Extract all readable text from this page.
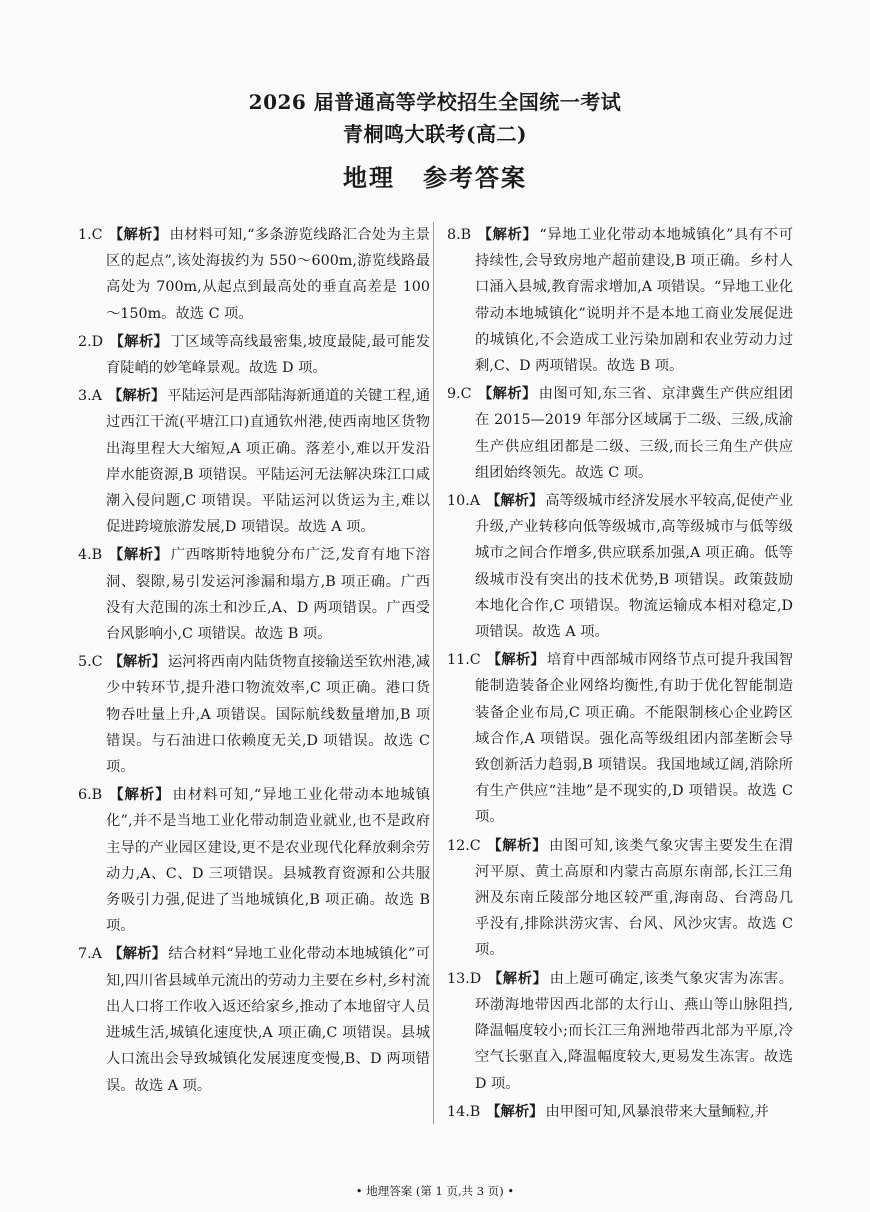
2026 届普通高等学校招生全国统一考试
青桐鸣大联考(高二)
地理 参考答案
1.C 【解析】 由材料可知,“多条游览线路汇合处为主景区的起点”,该处海拔约为 550～600m,游览线路最高处为 700m,从起点到最高处的垂直高差是 100～150m。故选 C 项。
2.D 【解析】 丁区域等高线最密集,坡度最陡,最可能发育陡峭的妙笔峰景观。故选 D 项。
3.A 【解析】 平陆运河是西部陆海新通道的关键工程,通过西江干流(平塘江口)直通钦州港,使西南地区货物出海里程大大缩短,A 项正确。落差小,难以开发沿岸水能资源,B 项错误。平陆运河无法解决珠江口咸潮入侵问题,C 项错误。平陆运河以货运为主,难以促进跨境旅游发展,D 项错误。故选 A 项。
4.B 【解析】 广西喀斯特地貌分布广泛,发育有地下溶洞、裂隙,易引发运河渗漏和塌方,B 项正确。广西没有大范围的冻土和沙丘,A、D 两项错误。广西受台风影响小,C 项错误。故选 B 项。
5.C 【解析】 运河将西南内陆货物直接输送至钦州港,减少中转环节,提升港口物流效率,C 项正确。港口货物吞吐量上升,A 项错误。国际航线数量增加,B 项错误。与石油进口依赖度无关,D 项错误。故选 C 项。
6.B 【解析】 由材料可知,“异地工业化带动本地城镇化”,并不是当地工业化带动制造业就业,也不是政府主导的产业园区建设,更不是农业现代化释放剩余劳动力,A、C、D 三项错误。县城教育资源和公共服务吸引力强,促进了当地城镇化,B 项正确。故选 B 项。
7.A 【解析】 结合材料“异地工业化带动本地城镇化”可知,四川省县域单元流出的劳动力主要在乡村,乡村流出人口将工作收入返还给家乡,推动了本地留守人员进城生活,城镇化速度快,A 项正确,C 项错误。县城人口流出会导致城镇化发展速度变慢,B、D 两项错误。故选 A 项。
8.B 【解析】 “异地工业化带动本地城镇化”具有不可持续性,会导致房地产超前建设,B 项正确。乡村人口涌入县城,教育需求增加,A 项错误。“异地工业化带动本地城镇化”说明并不是本地工商业发展促进的城镇化,不会造成工业污染加剧和农业劳动力过剩,C、D 两项错误。故选 B 项。
9.C 【解析】 由图可知,东三省、京津冀生产供应组团在 2015—2019 年部分区域属于二级、三级,成渝生产供应组团都是二级、三级,而长三角生产供应组团始终领先。故选 C 项。
10.A 【解析】 高等级城市经济发展水平较高,促使产业升级,产业转移向低等级城市,高等级城市与低等级城市之间合作增多,供应联系加强,A 项正确。低等级城市没有突出的技术优势,B 项错误。政策鼓励本地化合作,C 项错误。物流运输成本相对稳定,D 项错误。故选 A 项。
11.C 【解析】 培育中西部城市网络节点可提升我国智能制造装备企业网络均衡性,有助于优化智能制造装备企业布局,C 项正确。不能限制核心企业跨区域合作,A 项错误。强化高等级组团内部垄断会导致创新活力趋弱,B 项错误。我国地域辽阔,消除所有生产供应“洼地”是不现实的,D 项错误。故选 C 项。
12.C 【解析】 由图可知,该类气象灾害主要发生在渭河平原、黄土高原和内蒙古高原东南部,长江三角洲及东南丘陵部分地区较严重,海南岛、台湾岛几乎没有,排除洪涝灾害、台风、风沙灾害。故选 C 项。
13.D 【解析】 由上题可确定,该类气象灾害为冻害。环渤海地带因西北部的太行山、燕山等山脉阻挡,降温幅度较小;而长江三角洲地带西北部为平原,冷空气长驱直入,降温幅度较大,更易发生冻害。故选 D 项。
14.B 【解析】 由甲图可知,风暴浪带来大量鲕粒,并
• 地理答案 (第 1 页,共 3 页) •
